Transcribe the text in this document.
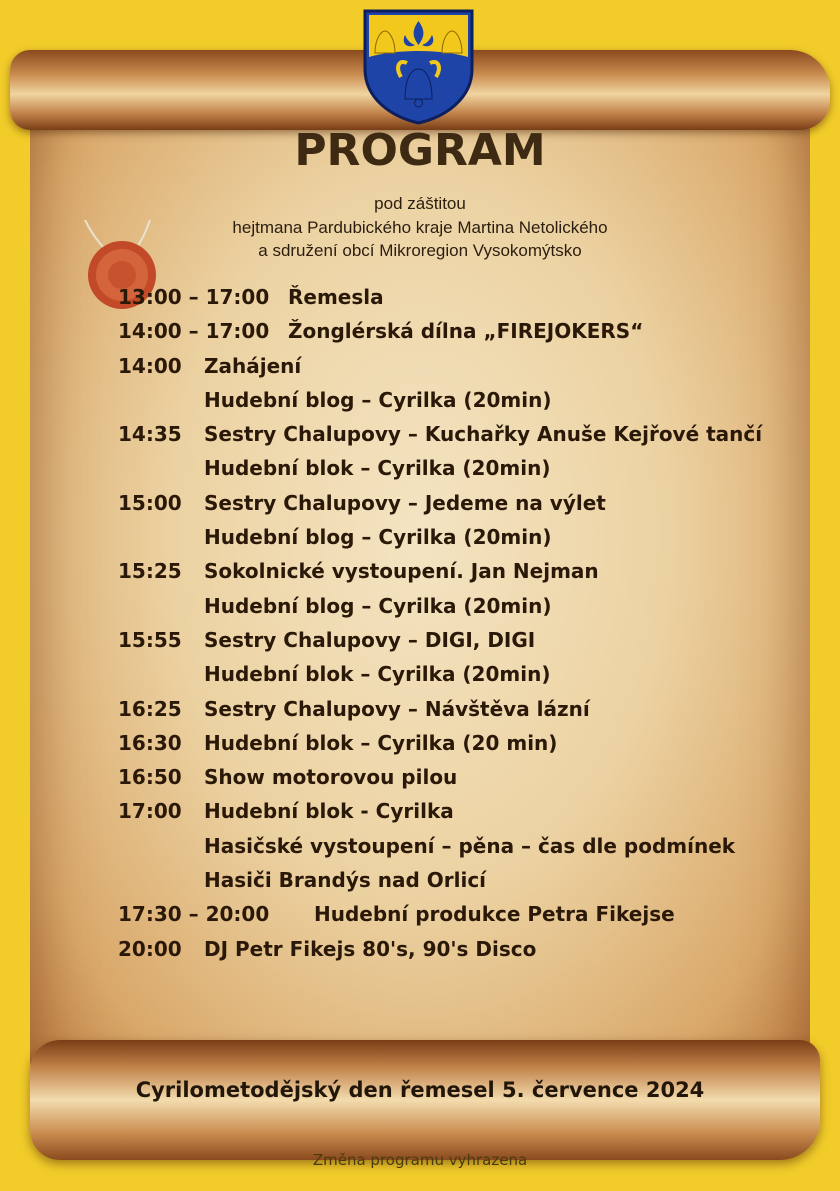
PROGRAM
pod záštitou
hejtmana Pardubického kraje Martina Netolického
a sdružení obcí Mikroregion Vysokomýtsko
13:00 – 17:00 Řemesla
14:00 – 17:00 Žonglérská dílna „FIREJOKERS“
14:00 Zahájení
Hudební blog – Cyrilka (20min)
14:35 Sestry Chalupovy – Kuchařky Anuše Kejřové tančí
Hudební blok – Cyrilka (20min)
15:00 Sestry Chalupovy – Jedeme na výlet
Hudební blog – Cyrilka (20min)
15:25 Sokolnické vystoupení. Jan Nejman
Hudební blog – Cyrilka (20min)
15:55 Sestry Chalupovy – DIGI, DIGI
Hudební blok – Cyrilka (20min)
16:25 Sestry Chalupovy – Návštěva lázní
16:30 Hudební blok – Cyrilka (20 min)
16:50 Show motorovou pilou
17:00 Hudební blok - Cyrilka
Hasičské vystoupení – pěna – čas dle podmínek
Hasiči Brandýs nad Orlicí
17:30 – 20:00 Hudební produkce Petra Fikejse
20:00 DJ Petr Fikejs 80's, 90's Disco
Cyrilometodějský den řemesel 5. července 2024
Změna programu vyhrazena
